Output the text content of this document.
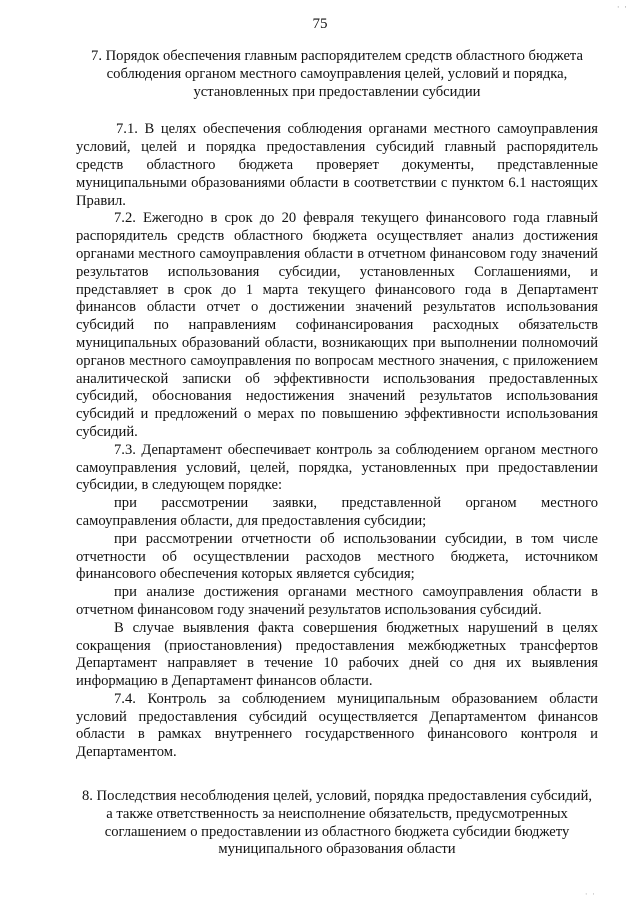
· ·
75

7. Порядок обеспечения главным распорядителем средств областного бюджета соблюдения органом местного самоуправления целей, условий и порядка, установленных при предоставлении субсидии

7.1. В целях обеспечения соблюдения органами местного самоуправления условий, целей и порядка предоставления субсидий главный распорядитель средств областного бюджета проверяет документы, представленные муниципальными образованиями области в соответствии с пунктом 6.1 настоящих Правил.

7.2. Ежегодно в срок до 20 февраля текущего финансового года главный распорядитель средств областного бюджета осуществляет анализ достижения органами местного самоуправления области в отчетном финансовом году значений результатов использования субсидии, установленных Соглашениями, и представляет в срок до 1 марта текущего финансового года в Департамент финансов области отчет о достижении значений результатов использования субсидий по направлениям софинансирования расходных обязательств муниципальных образований области, возникающих при выполнении полномочий органов местного самоуправления по вопросам местного значения, с приложением аналитической записки об эффективности использования предоставленных субсидий, обоснования недостижения значений результатов использования субсидий и предложений о мерах по повышению эффективности использования субсидий.

7.3. Департамент обеспечивает контроль за соблюдением органом местного самоуправления условий, целей, порядка, установленных при предоставлении субсидии, в следующем порядке:

при рассмотрении заявки, представленной органом местного самоуправления области, для предоставления субсидии;

при рассмотрении отчетности об использовании субсидии, в том числе отчетности об осуществлении расходов местного бюджета, источником финансового обеспечения которых является субсидия;

при анализе достижения органами местного самоуправления области в отчетном финансовом году значений результатов использования субсидий.

В случае выявления факта совершения бюджетных нарушений в целях сокращения (приостановления) предоставления межбюджетных трансфертов Департамент направляет в течение 10 рабочих дней со дня их выявления информацию в Департамент финансов области.

7.4. Контроль за соблюдением муниципальным образованием области условий предоставления субсидий осуществляется Департаментом финансов области в рамках внутреннего государственного финансового контроля и Департаментом.

8. Последствия несоблюдения целей, условий, порядка предоставления субсидий, а также ответственность за неисполнение обязательств, предусмотренных соглашением о предоставлении из областного бюджета субсидии бюджету муниципального образования области

· ·
